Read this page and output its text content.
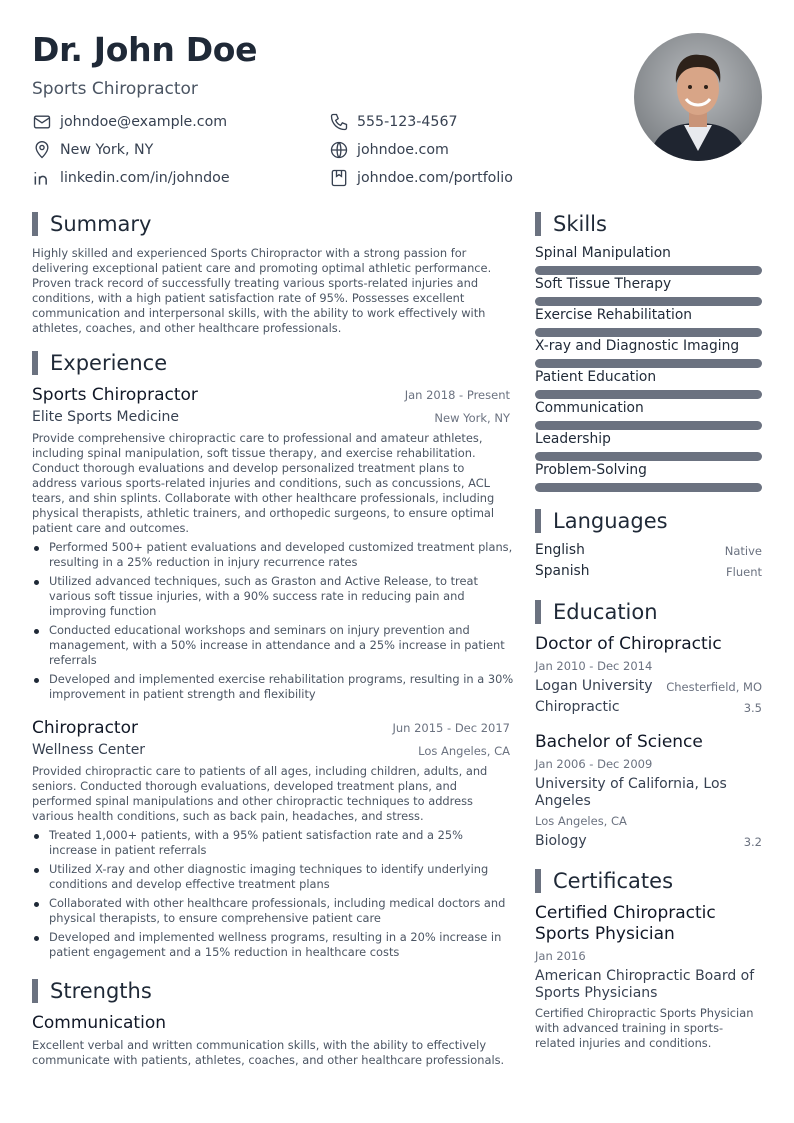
Dr. John Doe
Sports Chiropractor
johndoe@example.com	555-123-4567
New York, NY	johndoe.com
linkedin.com/in/johndoe	johndoe.com/portfolio
Summary
Highly skilled and experienced Sports Chiropractor with a strong passion for delivering exceptional patient care and promoting optimal athletic performance. Proven track record of successfully treating various sports-related injuries and conditions, with a high patient satisfaction rate of 95%. Possesses excellent communication and interpersonal skills, with the ability to work effectively with athletes, coaches, and other healthcare professionals.
Experience
Sports Chiropractor	Jan 2018 - Present
Elite Sports Medicine	New York, NY
Provide comprehensive chiropractic care to professional and amateur athletes, including spinal manipulation, soft tissue therapy, and exercise rehabilitation. Conduct thorough evaluations and develop personalized treatment plans to address various sports-related injuries and conditions, such as concussions, ACL tears, and shin splints. Collaborate with other healthcare professionals, including physical therapists, athletic trainers, and orthopedic surgeons, to ensure optimal patient care and outcomes.
Performed 500+ patient evaluations and developed customized treatment plans, resulting in a 25% reduction in injury recurrence rates
Utilized advanced techniques, such as Graston and Active Release, to treat various soft tissue injuries, with a 90% success rate in reducing pain and improving function
Conducted educational workshops and seminars on injury prevention and management, with a 50% increase in attendance and a 25% increase in patient referrals
Developed and implemented exercise rehabilitation programs, resulting in a 30% improvement in patient strength and flexibility
Chiropractor	Jun 2015 - Dec 2017
Wellness Center	Los Angeles, CA
Provided chiropractic care to patients of all ages, including children, adults, and seniors. Conducted thorough evaluations, developed treatment plans, and performed spinal manipulations and other chiropractic techniques to address various health conditions, such as back pain, headaches, and stress.
Treated 1,000+ patients, with a 95% patient satisfaction rate and a 25% increase in patient referrals
Utilized X-ray and other diagnostic imaging techniques to identify underlying conditions and develop effective treatment plans
Collaborated with other healthcare professionals, including medical doctors and physical therapists, to ensure comprehensive patient care
Developed and implemented wellness programs, resulting in a 20% increase in patient engagement and a 15% reduction in healthcare costs
Strengths
Communication
Excellent verbal and written communication skills, with the ability to effectively communicate with patients, athletes, coaches, and other healthcare professionals.
Skills
Spinal Manipulation
Soft Tissue Therapy
Exercise Rehabilitation
X-ray and Diagnostic Imaging
Patient Education
Communication
Leadership
Problem-Solving
Languages
English	Native
Spanish	Fluent
Education
Doctor of Chiropractic
Jan 2010 - Dec 2014
Logan University	Chesterfield, MO
Chiropractic	3.5
Bachelor of Science
Jan 2006 - Dec 2009
University of California, Los Angeles
Los Angeles, CA
Biology	3.2
Certificates
Certified Chiropractic Sports Physician
Jan 2016
American Chiropractic Board of Sports Physicians
Certified Chiropractic Sports Physician with advanced training in sports-related injuries and conditions.
